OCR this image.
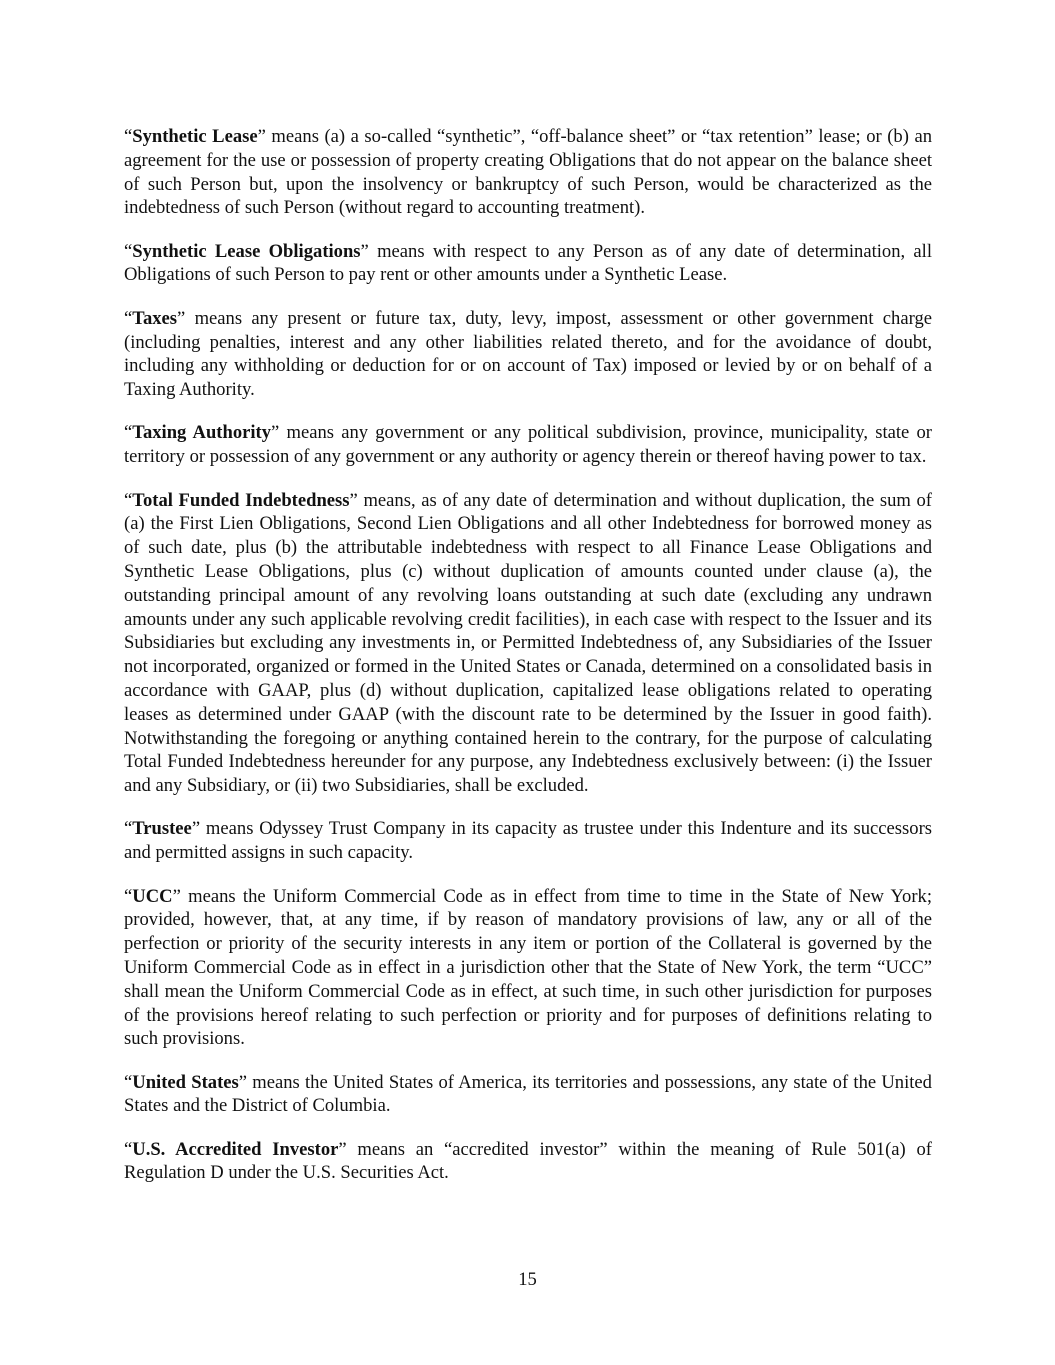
“Synthetic Lease” means (a) a so-called “synthetic”, “off-balance sheet” or “tax retention” lease; or (b) an agreement for the use or possession of property creating Obligations that do not appear on the balance sheet of such Person but, upon the insolvency or bankruptcy of such Person, would be characterized as the indebtedness of such Person (without regard to accounting treatment).

“Synthetic Lease Obligations” means with respect to any Person as of any date of determination, all Obligations of such Person to pay rent or other amounts under a Synthetic Lease.

“Taxes” means any present or future tax, duty, levy, impost, assessment or other government charge (including penalties, interest and any other liabilities related thereto, and for the avoidance of doubt, including any withholding or deduction for or on account of Tax) imposed or levied by or on behalf of a Taxing Authority.

“Taxing Authority” means any government or any political subdivision, province, municipality, state or territory or possession of any government or any authority or agency therein or thereof having power to tax.

“Total Funded Indebtedness” means, as of any date of determination and without duplication, the sum of (a) the First Lien Obligations, Second Lien Obligations and all other Indebtedness for borrowed money as of such date, plus (b) the attributable indebtedness with respect to all Finance Lease Obligations and Synthetic Lease Obligations, plus (c) without duplication of amounts counted under clause (a), the outstanding principal amount of any revolving loans outstanding at such date (excluding any undrawn amounts under any such applicable revolving credit facilities), in each case with respect to the Issuer and its Subsidiaries but excluding any investments in, or Permitted Indebtedness of, any Subsidiaries of the Issuer not incorporated, organized or formed in the United States or Canada, determined on a consolidated basis in accordance with GAAP, plus (d) without duplication, capitalized lease obligations related to operating leases as determined under GAAP (with the discount rate to be determined by the Issuer in good faith). Notwithstanding the foregoing or anything contained herein to the contrary, for the purpose of calculating Total Funded Indebtedness hereunder for any purpose, any Indebtedness exclusively between: (i) the Issuer and any Subsidiary, or (ii) two Subsidiaries, shall be excluded.

“Trustee” means Odyssey Trust Company in its capacity as trustee under this Indenture and its successors and permitted assigns in such capacity.

“UCC” means the Uniform Commercial Code as in effect from time to time in the State of New York; provided, however, that, at any time, if by reason of mandatory provisions of law, any or all of the perfection or priority of the security interests in any item or portion of the Collateral is governed by the Uniform Commercial Code as in effect in a jurisdiction other that the State of New York, the term “UCC” shall mean the Uniform Commercial Code as in effect, at such time, in such other jurisdiction for purposes of the provisions hereof relating to such perfection or priority and for purposes of definitions relating to such provisions.

“United States” means the United States of America, its territories and possessions, any state of the United States and the District of Columbia.

“U.S. Accredited Investor” means an “accredited investor” within the meaning of Rule 501(a) of Regulation D under the U.S. Securities Act.

15
